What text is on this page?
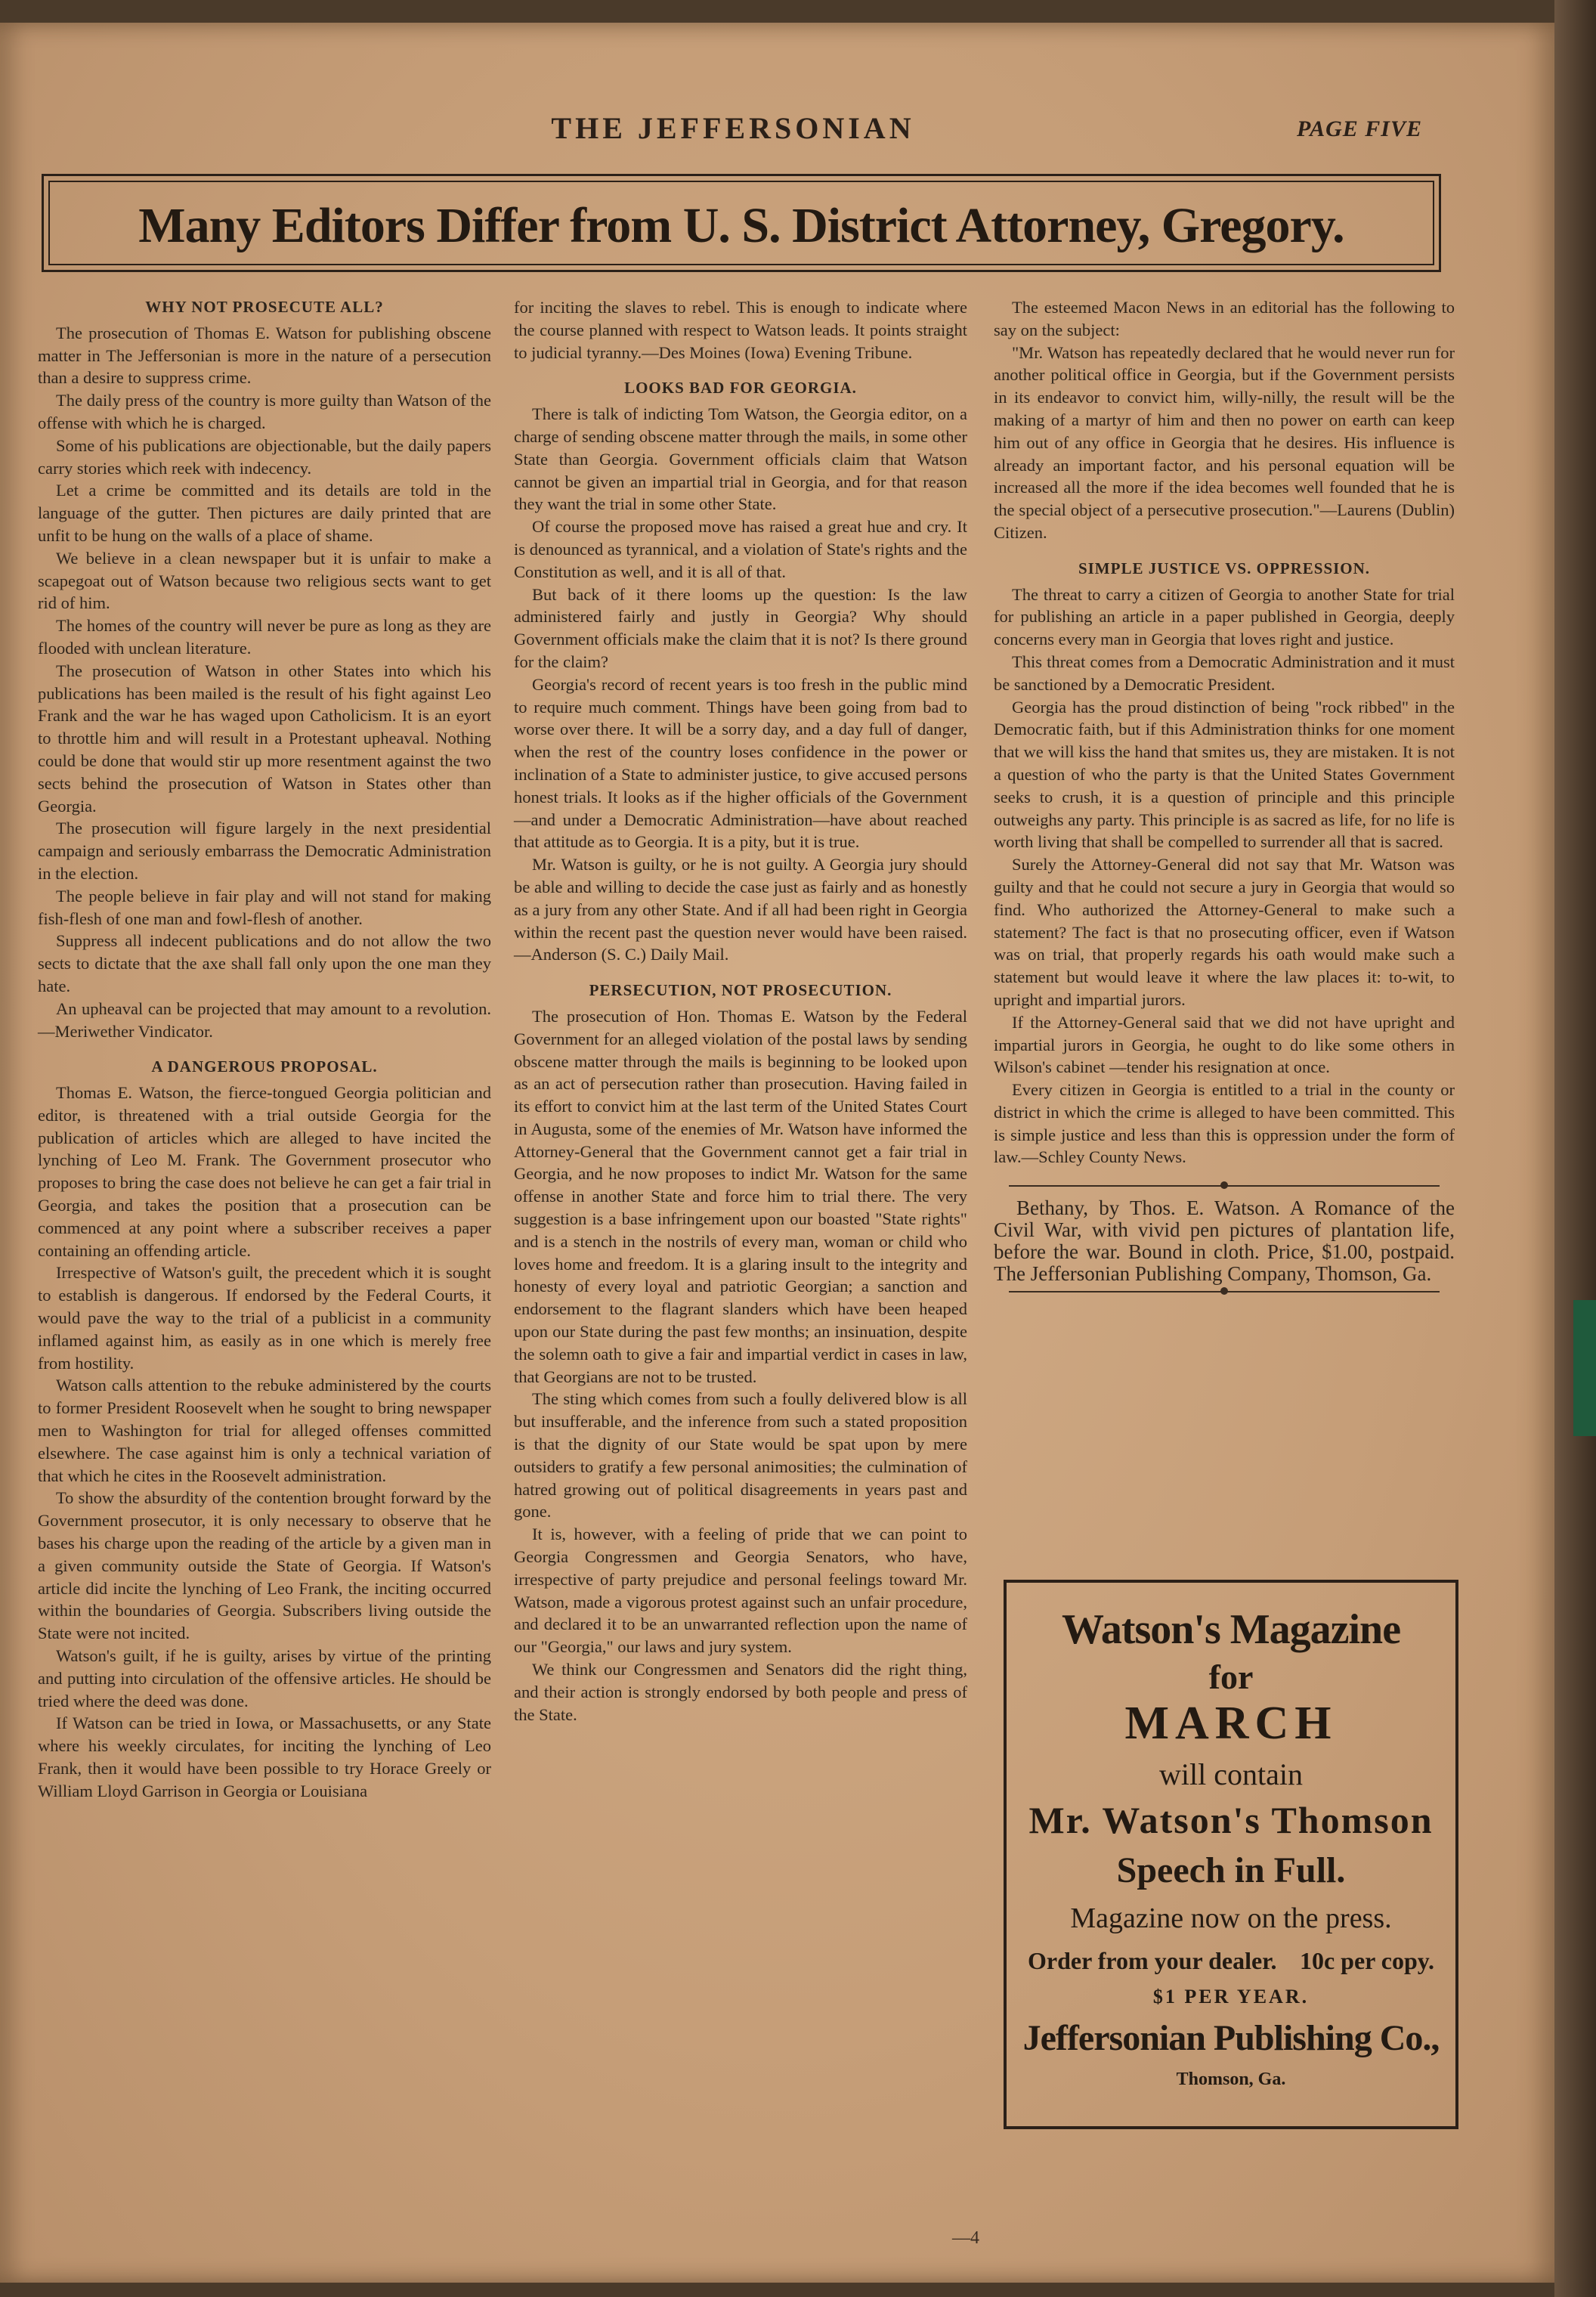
THE JEFFERSONIAN	PAGE FIVE
Many Editors Differ from U. S. District Attorney, Gregory.
WHY NOT PROSECUTE ALL?

The prosecution of Thomas E. Watson for publishing obscene matter in The Jeffersonian is more in the nature of a persecution than a desire to suppress crime.

The daily press of the country is more guilty than Watson of the offense with which he is charged.

Some of his publications are objectionable, but the daily papers carry stories which reek with indecency.

Let a crime be committed and its details are told in the language of the gutter. Then pictures are daily printed that are unfit to be hung on the walls of a place of shame.

We believe in a clean newspaper but it is unfair to make a scapegoat out of Watson because two religious sects want to get rid of him.

The homes of the country will never be pure as long as they are flooded with unclean literature.

The prosecution of Watson in other States into which his publications has been mailed is the result of his fight against Leo Frank and the war he has waged upon Catholicism. It is an eyort to throttle him and will result in a Protestant upheaval. Nothing could be done that would stir up more resentment against the two sects behind the prosecution of Watson in States other than Georgia.

The prosecution will figure largely in the next presidential campaign and seriously embarrass the Democratic Administration in the election.

The people believe in fair play and will not stand for making fish-flesh of one man and fowl-flesh of another.

Suppress all indecent publications and do not allow the two sects to dictate that the axe shall fall only upon the one man they hate.

An upheaval can be projected that may amount to a revolution.—Meriwether Vindicator.

A DANGEROUS PROPOSAL.

Thomas E. Watson, the fierce-tongued Georgia politician and editor, is threatened with a trial outside Georgia for the publication of articles which are alleged to have incited the lynching of Leo M. Frank. The Government prosecutor who proposes to bring the case does not believe he can get a fair trial in Georgia, and takes the position that a prosecution can be commenced at any point where a subscriber receives a paper containing an offending article.

Irrespective of Watson's guilt, the precedent which it is sought to establish is dangerous. If endorsed by the Federal Courts, it would pave the way to the trial of a publicist in a community inflamed against him, as easily as in one which is merely free from hostility.

Watson calls attention to the rebuke administered by the courts to former President Roosevelt when he sought to bring newspaper men to Washington for trial for alleged offenses committed elsewhere. The case against him is only a technical variation of that which he cites in the Roosevelt administration.

To show the absurdity of the contention brought forward by the Government prosecutor, it is only necessary to observe that he bases his charge upon the reading of the article by a given man in a given community outside the State of Georgia. If Watson's article did incite the lynching of Leo Frank, the inciting occurred within the boundaries of Georgia. Subscribers living outside the State were not incited.

Watson's guilt, if he is guilty, arises by virtue of the printing and putting into circulation of the offensive articles. He should be tried where the deed was done.

If Watson can be tried in Iowa, or Massachusetts, or any State where his weekly circulates, for inciting the lynching of Leo Frank, then it would have been possible to try Horace Greely or William Lloyd Garrison in Georgia or Louisiana

for inciting the slaves to rebel. This is enough to indicate where the course planned with respect to Watson leads. It points straight to judicial tyranny.—Des Moines (Iowa) Evening Tribune.

LOOKS BAD FOR GEORGIA.

There is talk of indicting Tom Watson, the Georgia editor, on a charge of sending obscene matter through the mails, in some other State than Georgia. Government officials claim that Watson cannot be given an impartial trial in Georgia, and for that reason they want the trial in some other State.

Of course the proposed move has raised a great hue and cry. It is denounced as tyrannical, and a violation of State's rights and the Constitution as well, and it is all of that.

But back of it there looms up the question: Is the law administered fairly and justly in Georgia? Why should Government officials make the claim that it is not? Is there ground for the claim?

Georgia's record of recent years is too fresh in the public mind to require much comment. Things have been going from bad to worse over there. It will be a sorry day, and a day full of danger, when the rest of the country loses confidence in the power or inclination of a State to administer justice, to give accused persons honest trials. It looks as if the higher officials of the Government—and under a Democratic Administration—have about reached that attitude as to Georgia. It is a pity, but it is true.

Mr. Watson is guilty, or he is not guilty. A Georgia jury should be able and willing to decide the case just as fairly and as honestly as a jury from any other State. And if all had been right in Georgia within the recent past the question never would have been raised.—Anderson (S. C.) Daily Mail.

PERSECUTION, NOT PROSECUTION.

The prosecution of Hon. Thomas E. Watson by the Federal Government for an alleged violation of the postal laws by sending obscene matter through the mails is beginning to be looked upon as an act of persecution rather than prosecution. Having failed in its effort to convict him at the last term of the United States Court in Augusta, some of the enemies of Mr. Watson have informed the Attorney-General that the Government cannot get a fair trial in Georgia, and he now proposes to indict Mr. Watson for the same offense in another State and force him to trial there. The very suggestion is a base infringement upon our boasted "State rights" and is a stench in the nostrils of every man, woman or child who loves home and freedom. It is a glaring insult to the integrity and honesty of every loyal and patriotic Georgian; a sanction and endorsement to the flagrant slanders which have been heaped upon our State during the past few months; an insinuation, despite the solemn oath to give a fair and impartial verdict in cases in law, that Georgians are not to be trusted.

The sting which comes from such a foully delivered blow is all but insufferable, and the inference from such a stated proposition is that the dignity of our State would be spat upon by mere outsiders to gratify a few personal animosities; the culmination of hatred growing out of political disagreements in years past and gone.

It is, however, with a feeling of pride that we can point to Georgia Congressmen and Georgia Senators, who have, irrespective of party prejudice and personal feelings toward Mr. Watson, made a vigorous protest against such an unfair procedure, and declared it to be an unwarranted reflection upon the name of our "Georgia," our laws and jury system.

We think our Congressmen and Senators did the right thing, and their action is strongly endorsed by both people and press of the State.

The esteemed Macon News in an editorial has the following to say on the subject:

"Mr. Watson has repeatedly declared that he would never run for another political office in Georgia, but if the Government persists in its endeavor to convict him, willy-nilly, the result will be the making of a martyr of him and then no power on earth can keep him out of any office in Georgia that he desires. His influence is already an important factor, and his personal equation will be increased all the more if the idea becomes well founded that he is the special object of a persecutive prosecution."—Laurens (Dublin) Citizen.

SIMPLE JUSTICE VS. OPPRESSION.

The threat to carry a citizen of Georgia to another State for trial for publishing an article in a paper published in Georgia, deeply concerns every man in Georgia that loves right and justice.

This threat comes from a Democratic Administration and it must be sanctioned by a Democratic President.

Georgia has the proud distinction of being "rock ribbed" in the Democratic faith, but if this Administration thinks for one moment that we will kiss the hand that smites us, they are mistaken. It is not a question of who the party is that the United States Government seeks to crush, it is a question of principle and this principle outweighs any party. This principle is as sacred as life, for no life is worth living that shall be compelled to surrender all that is sacred.

Surely the Attorney-General did not say that Mr. Watson was guilty and that he could not secure a jury in Georgia that would so find. Who authorized the Attorney-General to make such a statement? The fact is that no prosecuting officer, even if Watson was on trial, that properly regards his oath would make such a statement but would leave it where the law places it: to-wit, to upright and impartial jurors.

If the Attorney-General said that we did not have upright and impartial jurors in Georgia, he ought to do like some others in Wilson's cabinet —tender his resignation at once.

Every citizen in Georgia is entitled to a trial in the county or district in which the crime is alleged to have been committed. This is simple justice and less than this is oppression under the form of law.—Schley County News.

Bethany, by Thos. E. Watson. A Romance of the Civil War, with vivid pen pictures of plantation life, before the war. Bound in cloth. Price, $1.00, postpaid. The Jeffersonian Publishing Company, Thomson, Ga.

Watson's Magazine
for
MARCH
will contain
Mr. Watson's Thomson
Speech in Full.
Magazine now on the press.
Order from your dealer. 10c per copy.
$1 PER YEAR.
Jeffersonian Publishing Co.,
Thomson, Ga.
—4
